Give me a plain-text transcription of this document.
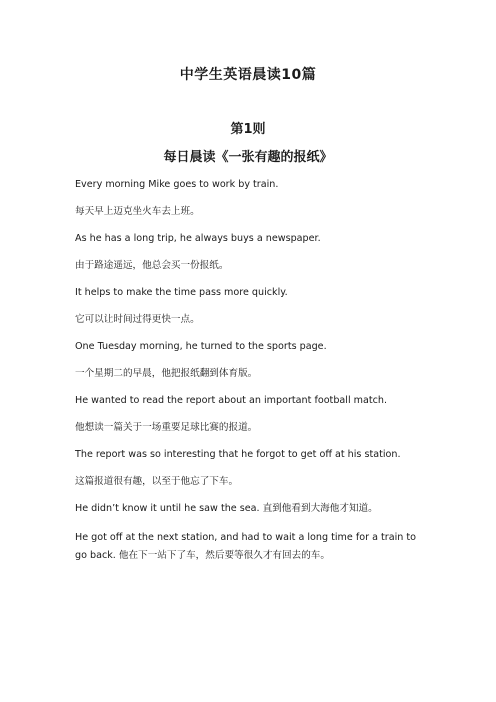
中学生英语晨读10篇
第1则
每日晨读《一张有趣的报纸》

Every morning Mike goes to work by train.

每天早上迈克坐火车去上班。

As he has a long trip, he always buys a newspaper.

由于路途遥远，他总会买一份报纸。

It helps to make the time pass more quickly.

它可以让时间过得更快一点。

One Tuesday morning, he turned to the sports page.

一个星期二的早晨，他把报纸翻到体育版。

He wanted to read the report about an important football match.

他想读一篇关于一场重要足球比赛的报道。

The report was so interesting that he forgot to get off at his station.

这篇报道很有趣，以至于他忘了下车。

He didn’t know it until he saw the sea. 直到他看到大海他才知道。

He got off at the next station, and had to wait a long time for a train to go back. 他在下一站下了车，然后要等很久才有回去的车。
